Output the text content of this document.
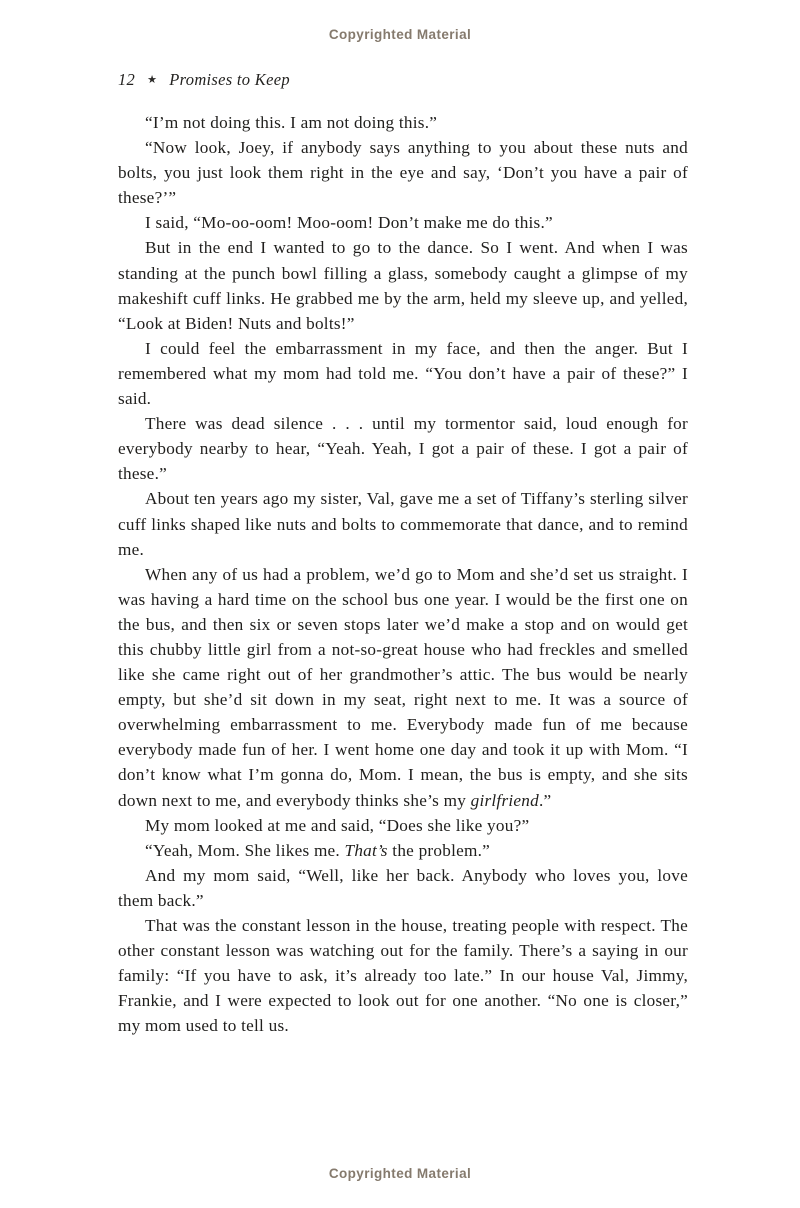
Copyrighted Material
12 ★ Promises to Keep

“I’m not doing this. I am not doing this.”

“Now look, Joey, if anybody says anything to you about these nuts and bolts, you just look them right in the eye and say, ‘Don’t you have a pair of these?’”

I said, “Mo-oo-oom! Moo-oom! Don’t make me do this.”

But in the end I wanted to go to the dance. So I went. And when I was standing at the punch bowl filling a glass, somebody caught a glimpse of my makeshift cuff links. He grabbed me by the arm, held my sleeve up, and yelled, “Look at Biden! Nuts and bolts!”

I could feel the embarrassment in my face, and then the anger. But I remembered what my mom had told me. “You don’t have a pair of these?” I said.

There was dead silence . . . until my tormentor said, loud enough for everybody nearby to hear, “Yeah. Yeah, I got a pair of these. I got a pair of these.”

About ten years ago my sister, Val, gave me a set of Tiffany’s sterling silver cuff links shaped like nuts and bolts to commemorate that dance, and to remind me.

When any of us had a problem, we’d go to Mom and she’d set us straight. I was having a hard time on the school bus one year. I would be the first one on the bus, and then six or seven stops later we’d make a stop and on would get this chubby little girl from a not-so-great house who had freckles and smelled like she came right out of her grandmother’s attic. The bus would be nearly empty, but she’d sit down in my seat, right next to me. It was a source of overwhelming embarrassment to me. Everybody made fun of me because everybody made fun of her. I went home one day and took it up with Mom. “I don’t know what I’m gonna do, Mom. I mean, the bus is empty, and she sits down next to me, and everybody thinks she’s my girlfriend.”

My mom looked at me and said, “Does she like you?”

“Yeah, Mom. She likes me. That’s the problem.”

And my mom said, “Well, like her back. Anybody who loves you, love them back.”

That was the constant lesson in the house, treating people with respect. The other constant lesson was watching out for the family. There’s a saying in our family: “If you have to ask, it’s already too late.” In our house Val, Jimmy, Frankie, and I were expected to look out for one another. “No one is closer,” my mom used to tell us.

Copyrighted Material
